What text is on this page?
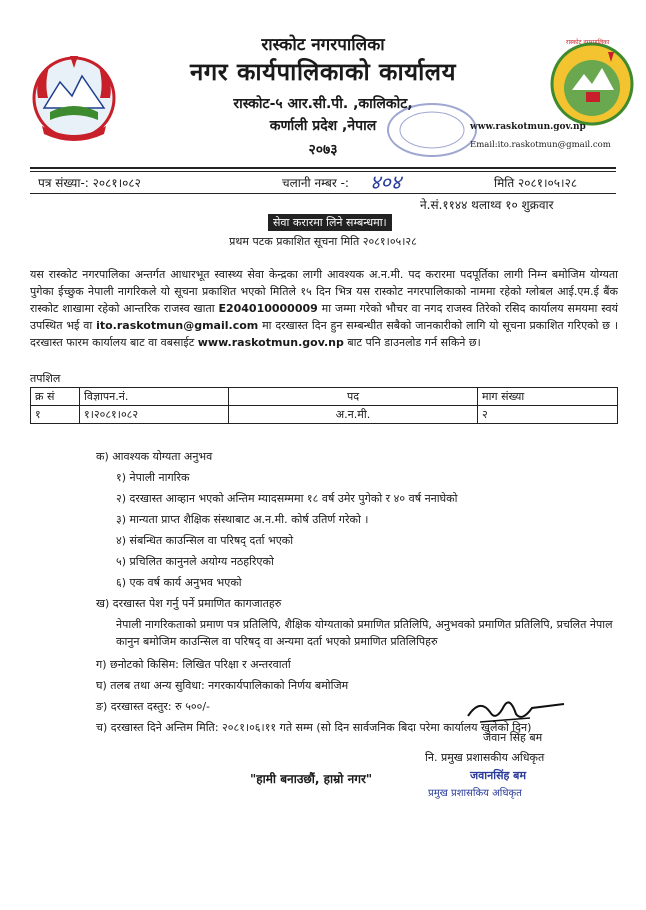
रास्कोट नगरपालिका
रास्कोट नगरपालिका
नगर कार्यपालिकाको कार्यालय
रास्कोट-५ आर.सी.पी. ,कालिकोट,
कर्णाली प्रदेश ,नेपाल
२०७३
www.raskotmun.gov.np
Email:ito.raskotmun@gmail.com
पत्र संख्या-: २०८१।०८२	चलानी नम्बर -: ४०४	मिति २०८१।०५।२८
ने.सं.११४४ थलाथ्व १० शुक्रवार
सेवा करारमा लिने सम्बन्धमा।
प्रथम पटक प्रकाशित सूचना मिति २०८१।०५।२८
यस रास्कोट नगरपालिका अन्तर्गत आधारभूत स्वास्थ्य सेवा केन्द्रका लागी आवश्यक अ.न.मी. पद करारमा पदपूर्तिका लागी निम्न बमोजिम योग्यता पुगेका ईच्छुक नेपाली नागरिकले यो सूचना प्रकाशित भएको मितिले १५ दिन भित्र यस रास्कोट नगरपालिकाको नाममा रहेको ग्लोबल आई.एम.ई बैंक रास्कोट शाखामा रहेको आन्तरिक राजस्व खाता E204010000009 मा जम्मा गरेको भौचर वा नगद राजस्व तिरेको रसिद कार्यालय समयमा स्वयं उपस्थित भई वा ito.raskotmun@gmail.com मा दरखास्त दिन हुन सम्बन्धीत सबैको जानकारीको लागि यो सूचना प्रकाशित गरिएको छ । दरखास्त फारम कार्यालय बाट वा वबसाईट www.raskotmun.gov.np बाट पनि डाउनलोड गर्न सकिने छ।
तपशिल
क्र सं	विज्ञापन.नं.	पद	माग संख्या
१	१।२०८१।०८२	अ.न.मी.	२
क) आवश्यक योग्यता अनुभव
१) नेपाली नागरिक
२) दरखास्त आव्हान भएको अन्तिम म्यादसम्ममा १८ वर्ष उमेर पुगेको र ४० वर्ष ननाघेको
३) मान्यता प्राप्त शैक्षिक संस्थाबाट अ.न.मी. कोर्ष उतिर्ण गरेको ।
४) संबन्धित काउन्सिल वा परिषद् दर्ता भएको
५) प्रचिलित कानुनले अयोग्य नठहरिएको
६) एक वर्ष कार्य अनुभव भएको
ख) दरखास्त पेश गर्नु पर्ने प्रमाणित कागजातहरु
नेपाली नागरिकताको प्रमाण पत्र प्रतिलिपि, शैक्षिक योग्यताको प्रमाणित प्रतिलिपि, अनुभवको प्रमाणित प्रतिलिपि, प्रचलित नेपाल कानुन बमोजिम काउन्सिल वा परिषद् वा अन्यमा दर्ता भएको प्रमाणित प्रतिलिपिहरु
ग) छनोटको किसिम: लिखित परिक्षा र अन्तरवार्ता
घ) तलब तथा अन्य सुविधा: नगरकार्यपालिकाको निर्णय बमोजिम
ङ) दरखास्त दस्तुर: रु ५००/-
च) दरखास्त दिने अन्तिम मिति: २०८१।०६।११ गते सम्म (सो दिन सार्वजनिक बिदा परेमा कार्यालय खुलेको दिन)
जवान सिंह बम
नि. प्रमुख प्रशासकीय अधिकृत
"हामी बनाउछौं, हाम्रो नगर"	जवानसिंह बम
प्रमुख प्रशासकिय अधिकृत
